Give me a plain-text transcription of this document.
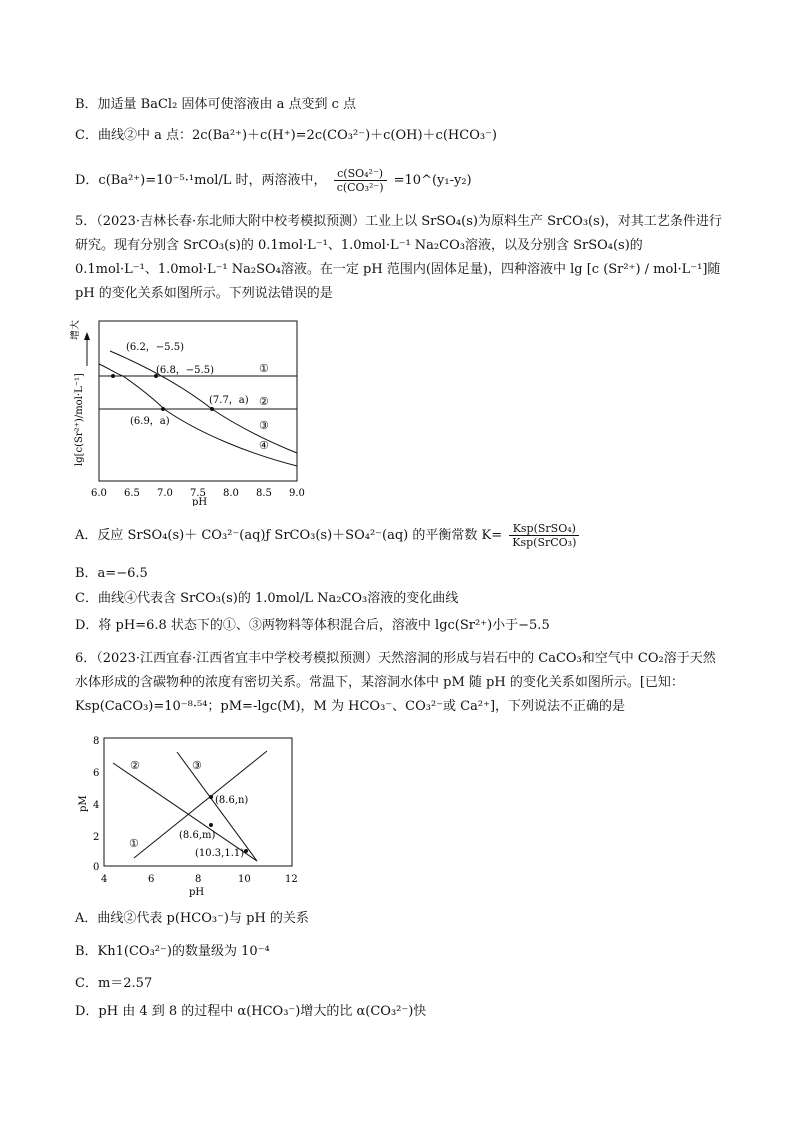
B．加适量 BaCl₂ 固体可使溶液由 a 点变到 c 点
C．曲线②中 a 点：2c(Ba²⁺)＋c(H⁺)=2c(CO₃²⁻)＋c(OH)＋c(HCO₃⁻)
D．c(Ba²⁺)=10⁻⁵·¹mol/L 时，两溶液中， $\frac{\text{c(SO₄²⁻)}}{\text{c(CO₃²⁻)}}$ =10^(y₁-y₂)
5．（2023·吉林长春·东北师大附中校考模拟预测）工业上以 SrSO₄(s)为原料生产 SrCO₃(s)，对其工艺条件进行研究。现有分别含 SrCO₃(s)的 0.1mol·L⁻¹、1.0mol·L⁻¹ Na₂CO₃溶液，以及分别含 SrSO₄(s)的 0.1mol·L⁻¹、1.0mol·L⁻¹ Na₂SO₄溶液。在一定 pH 范围内(固体足量)，四种溶液中 lg [c (Sr²⁺) / mol·L⁻¹]随 pH 的变化关系如图所示。下列说法错误的是
①
②
③
④
(6.2，−5.5)
(6.8，−5.5)
(7.7，a)
(6.9，a)
增大
lg[c(Sr²⁺)/mol·L⁻¹]
6.0 6.5 7.0 7.5 8.0 8.5 9.0
pH
A．反应 SrSO₄(s)＋ CO₃²⁻(aq)ƒ SrCO₃(s)＋SO₄²⁻(aq) 的平衡常数 $K= \frac{\text{Ksp(SrSO₄)}}{\text{Ksp(SrCO₃)}}$
B．a=−6.5
C．曲线④代表含 SrCO₃(s)的 1.0mol/L Na₂CO₃溶液的变化曲线
D．将 pH=6.8 状态下的①、③两物料等体积混合后，溶液中 lgc(Sr²⁺)小于−5.5
6．（2023·江西宜春·江西省宜丰中学校考模拟预测）天然溶洞的形成与岩石中的 CaCO₃和空气中 CO₂溶于天然水体形成的含碳物种的浓度有密切关系。常温下，某溶洞水体中 pM 随 pH 的变化关系如图所示。[已知：Ksp(CaCO₃)=10⁻⁸·⁵⁴；pM=-lgc(M)，M 为 HCO₃⁻、CO₃²⁻或 Ca²⁺]，下列说法不正确的是
②	③
①
(8.6,n)
(8.6,m)
(10.3,1.1)
8
6
4
2
0
4	6	8	10	12
pH
pM
A．曲线②代表 p(HCO₃⁻)与 pH 的关系
B．Kh1(CO₃²⁻)的数量级为 10⁻⁴
C．m＝2.57
D．pH 由 4 到 8 的过程中 α(HCO₃⁻)增大的比 α(CO₃²⁻)快
